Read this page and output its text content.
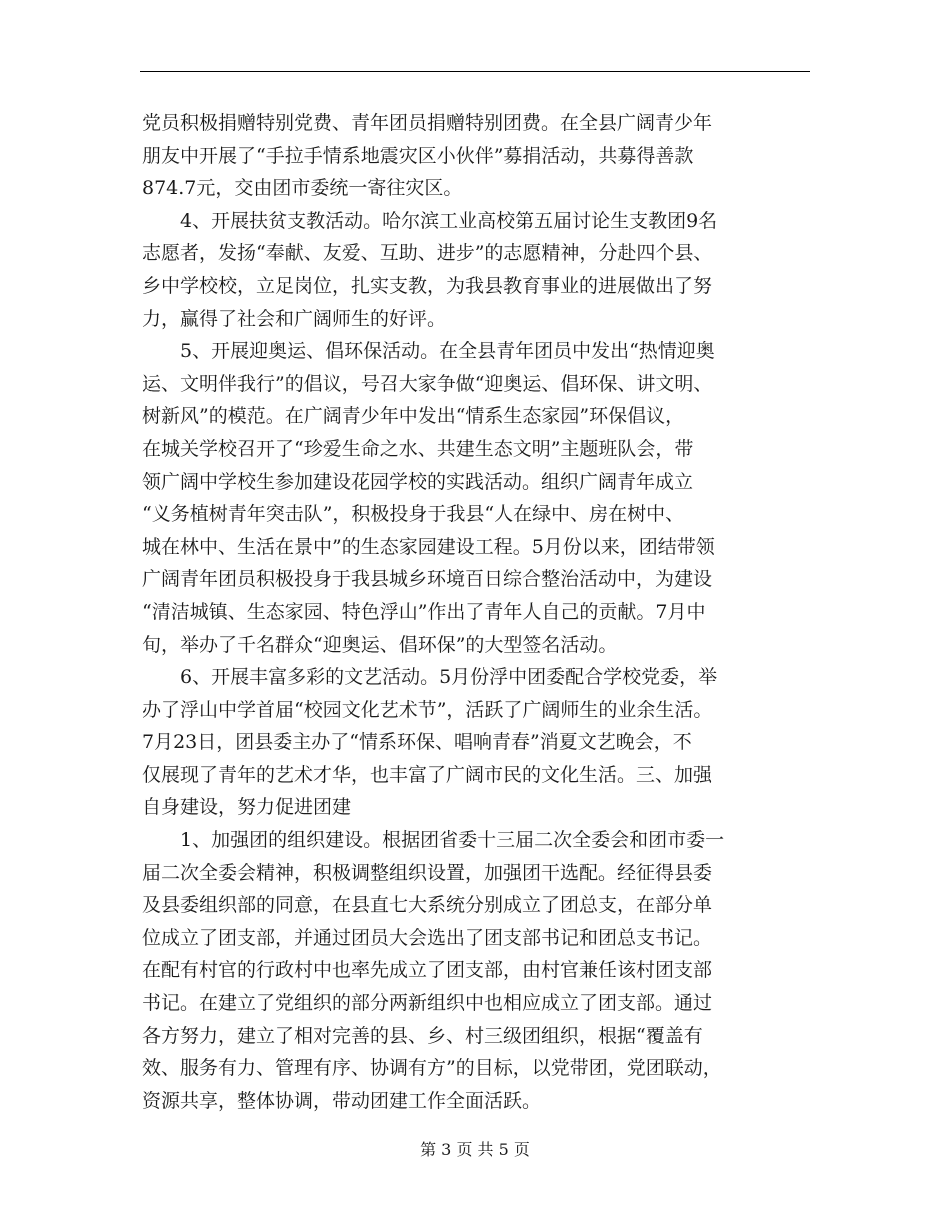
党员积极捐赠特别党费、青年团员捐赠特别团费。在全县广阔青少年
朋友中开展了“手拉手情系地震灾区小伙伴”募捐活动，共募得善款
874.7元，交由团市委统一寄往灾区。
4、开展扶贫支教活动。哈尔滨工业高校第五届讨论生支教团9名
志愿者，发扬“奉献、友爱、互助、进步”的志愿精神，分赴四个县、
乡中学校校，立足岗位，扎实支教，为我县教育事业的进展做出了努
力，赢得了社会和广阔师生的好评。
5、开展迎奥运、倡环保活动。在全县青年团员中发出“热情迎奥
运、文明伴我行”的倡议，号召大家争做“迎奥运、倡环保、讲文明、
树新风”的模范。在广阔青少年中发出“情系生态家园”环保倡议，
在城关学校召开了“珍爱生命之水、共建生态文明”主题班队会，带
领广阔中学校生参加建设花园学校的实践活动。组织广阔青年成立
“义务植树青年突击队”，积极投身于我县“人在绿中、房在树中、
城在林中、生活在景中”的生态家园建设工程。5月份以来，团结带领
广阔青年团员积极投身于我县城乡环境百日综合整治活动中，为建设
“清洁城镇、生态家园、特色浮山”作出了青年人自己的贡献。7月中
旬，举办了千名群众“迎奥运、倡环保”的大型签名活动。
6、开展丰富多彩的文艺活动。5月份浮中团委配合学校党委，举
办了浮山中学首届“校园文化艺术节”，活跃了广阔师生的业余生活。
7月23日，团县委主办了“情系环保、唱响青春”消夏文艺晚会，不
仅展现了青年的艺术才华，也丰富了广阔市民的文化生活。三、加强
自身建设，努力促进团建
1、加强团的组织建设。根据团省委十三届二次全委会和团市委一
届二次全委会精神，积极调整组织设置，加强团干选配。经征得县委
及县委组织部的同意，在县直七大系统分别成立了团总支，在部分单
位成立了团支部，并通过团员大会选出了团支部书记和团总支书记。
在配有村官的行政村中也率先成立了团支部，由村官兼任该村团支部
书记。在建立了党组织的部分两新组织中也相应成立了团支部。通过
各方努力，建立了相对完善的县、乡、村三级团组织，根据“覆盖有
效、服务有力、管理有序、协调有方”的目标，以党带团，党团联动，
资源共享，整体协调，带动团建工作全面活跃。
第 3 页 共 5 页
